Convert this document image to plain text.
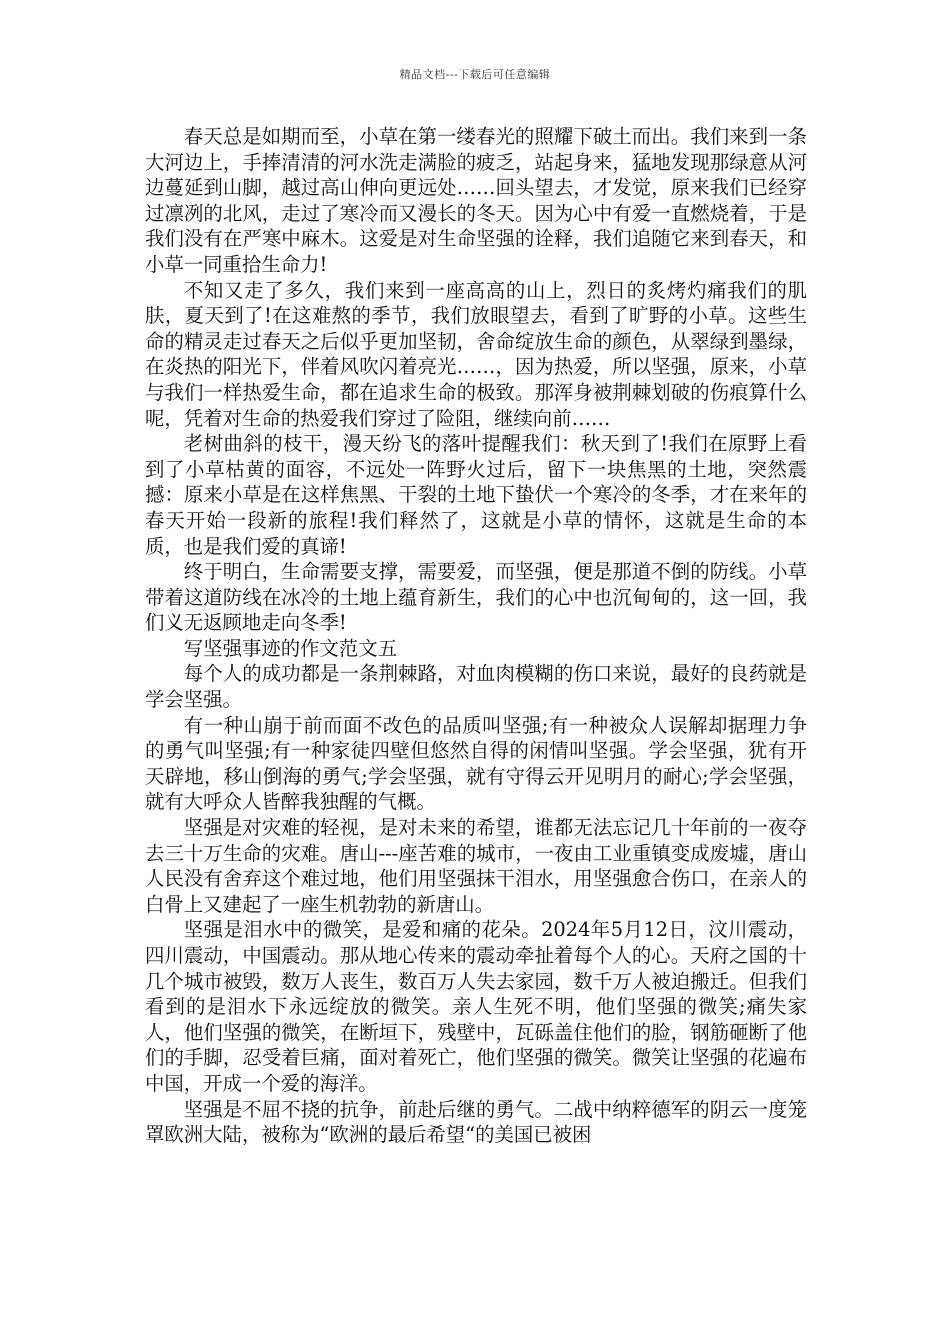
精品文档---下载后可任意编辑

春天总是如期而至，小草在第一缕春光的照耀下破土而出。我们来到一条大河边上，手捧清清的河水洗走满脸的疲乏，站起身来，猛地发现那绿意从河边蔓延到山脚，越过高山伸向更远处……回头望去，才发觉，原来我们已经穿过凛冽的北风，走过了寒冷而又漫长的冬天。因为心中有爱一直燃烧着，于是我们没有在严寒中麻木。这爱是对生命坚强的诠释，我们追随它来到春天，和小草一同重拾生命力!

不知又走了多久，我们来到一座高高的山上，烈日的炙烤灼痛我们的肌肤，夏天到了!在这难熬的季节，我们放眼望去，看到了旷野的小草。这些生命的精灵走过春天之后似乎更加坚韧，舍命绽放生命的颜色，从翠绿到墨绿，在炎热的阳光下，伴着风吹闪着亮光……，因为热爱，所以坚强，原来，小草与我们一样热爱生命，都在追求生命的极致。那浑身被荆棘划破的伤痕算什么呢，凭着对生命的热爱我们穿过了险阻，继续向前……

老树曲斜的枝干，漫天纷飞的落叶提醒我们：秋天到了!我们在原野上看到了小草枯黄的面容，不远处一阵野火过后，留下一块焦黑的土地，突然震撼：原来小草是在这样焦黑、干裂的土地下蛰伏一个寒冷的冬季，才在来年的春天开始一段新的旅程!我们释然了，这就是小草的情怀，这就是生命的本质，也是我们爱的真谛!

终于明白，生命需要支撑，需要爱，而坚强，便是那道不倒的防线。小草带着这道防线在冰冷的土地上蕴育新生，我们的心中也沉甸甸的，这一回，我们义无返顾地走向冬季!

写坚强事迹的作文范文五

每个人的成功都是一条荆棘路，对血肉模糊的伤口来说，最好的良药就是学会坚强。

有一种山崩于前而面不改色的品质叫坚强;有一种被众人误解却据理力争的勇气叫坚强;有一种家徒四壁但悠然自得的闲情叫坚强。学会坚强，犹有开天辟地，移山倒海的勇气;学会坚强，就有守得云开见明月的耐心;学会坚强，就有大呼众人皆醉我独醒的气概。

坚强是对灾难的轻视，是对未来的希望，谁都无法忘记几十年前的一夜夺去三十万生命的灾难。唐山---座苦难的城市，一夜由工业重镇变成废墟，唐山人民没有舍弃这个难过地，他们用坚强抹干泪水，用坚强愈合伤口，在亲人的白骨上又建起了一座生机勃勃的新唐山。

坚强是泪水中的微笑，是爱和痛的花朵。2024年5月12日，汶川震动，四川震动，中国震动。那从地心传来的震动牵扯着每个人的心。天府之国的十几个城市被毁，数万人丧生，数百万人失去家园，数千万人被迫搬迁。但我们看到的是泪水下永远绽放的微笑。亲人生死不明，他们坚强的微笑;痛失家人，他们坚强的微笑，在断垣下，残壁中，瓦砾盖住他们的脸，钢筋砸断了他们的手脚，忍受着巨痛，面对着死亡，他们坚强的微笑。微笑让坚强的花遍布中国，开成一个爱的海洋。

坚强是不屈不挠的抗争，前赴后继的勇气。二战中纳粹德军的阴云一度笼罩欧洲大陆，被称为“欧洲的最后希望“的美国已被困
